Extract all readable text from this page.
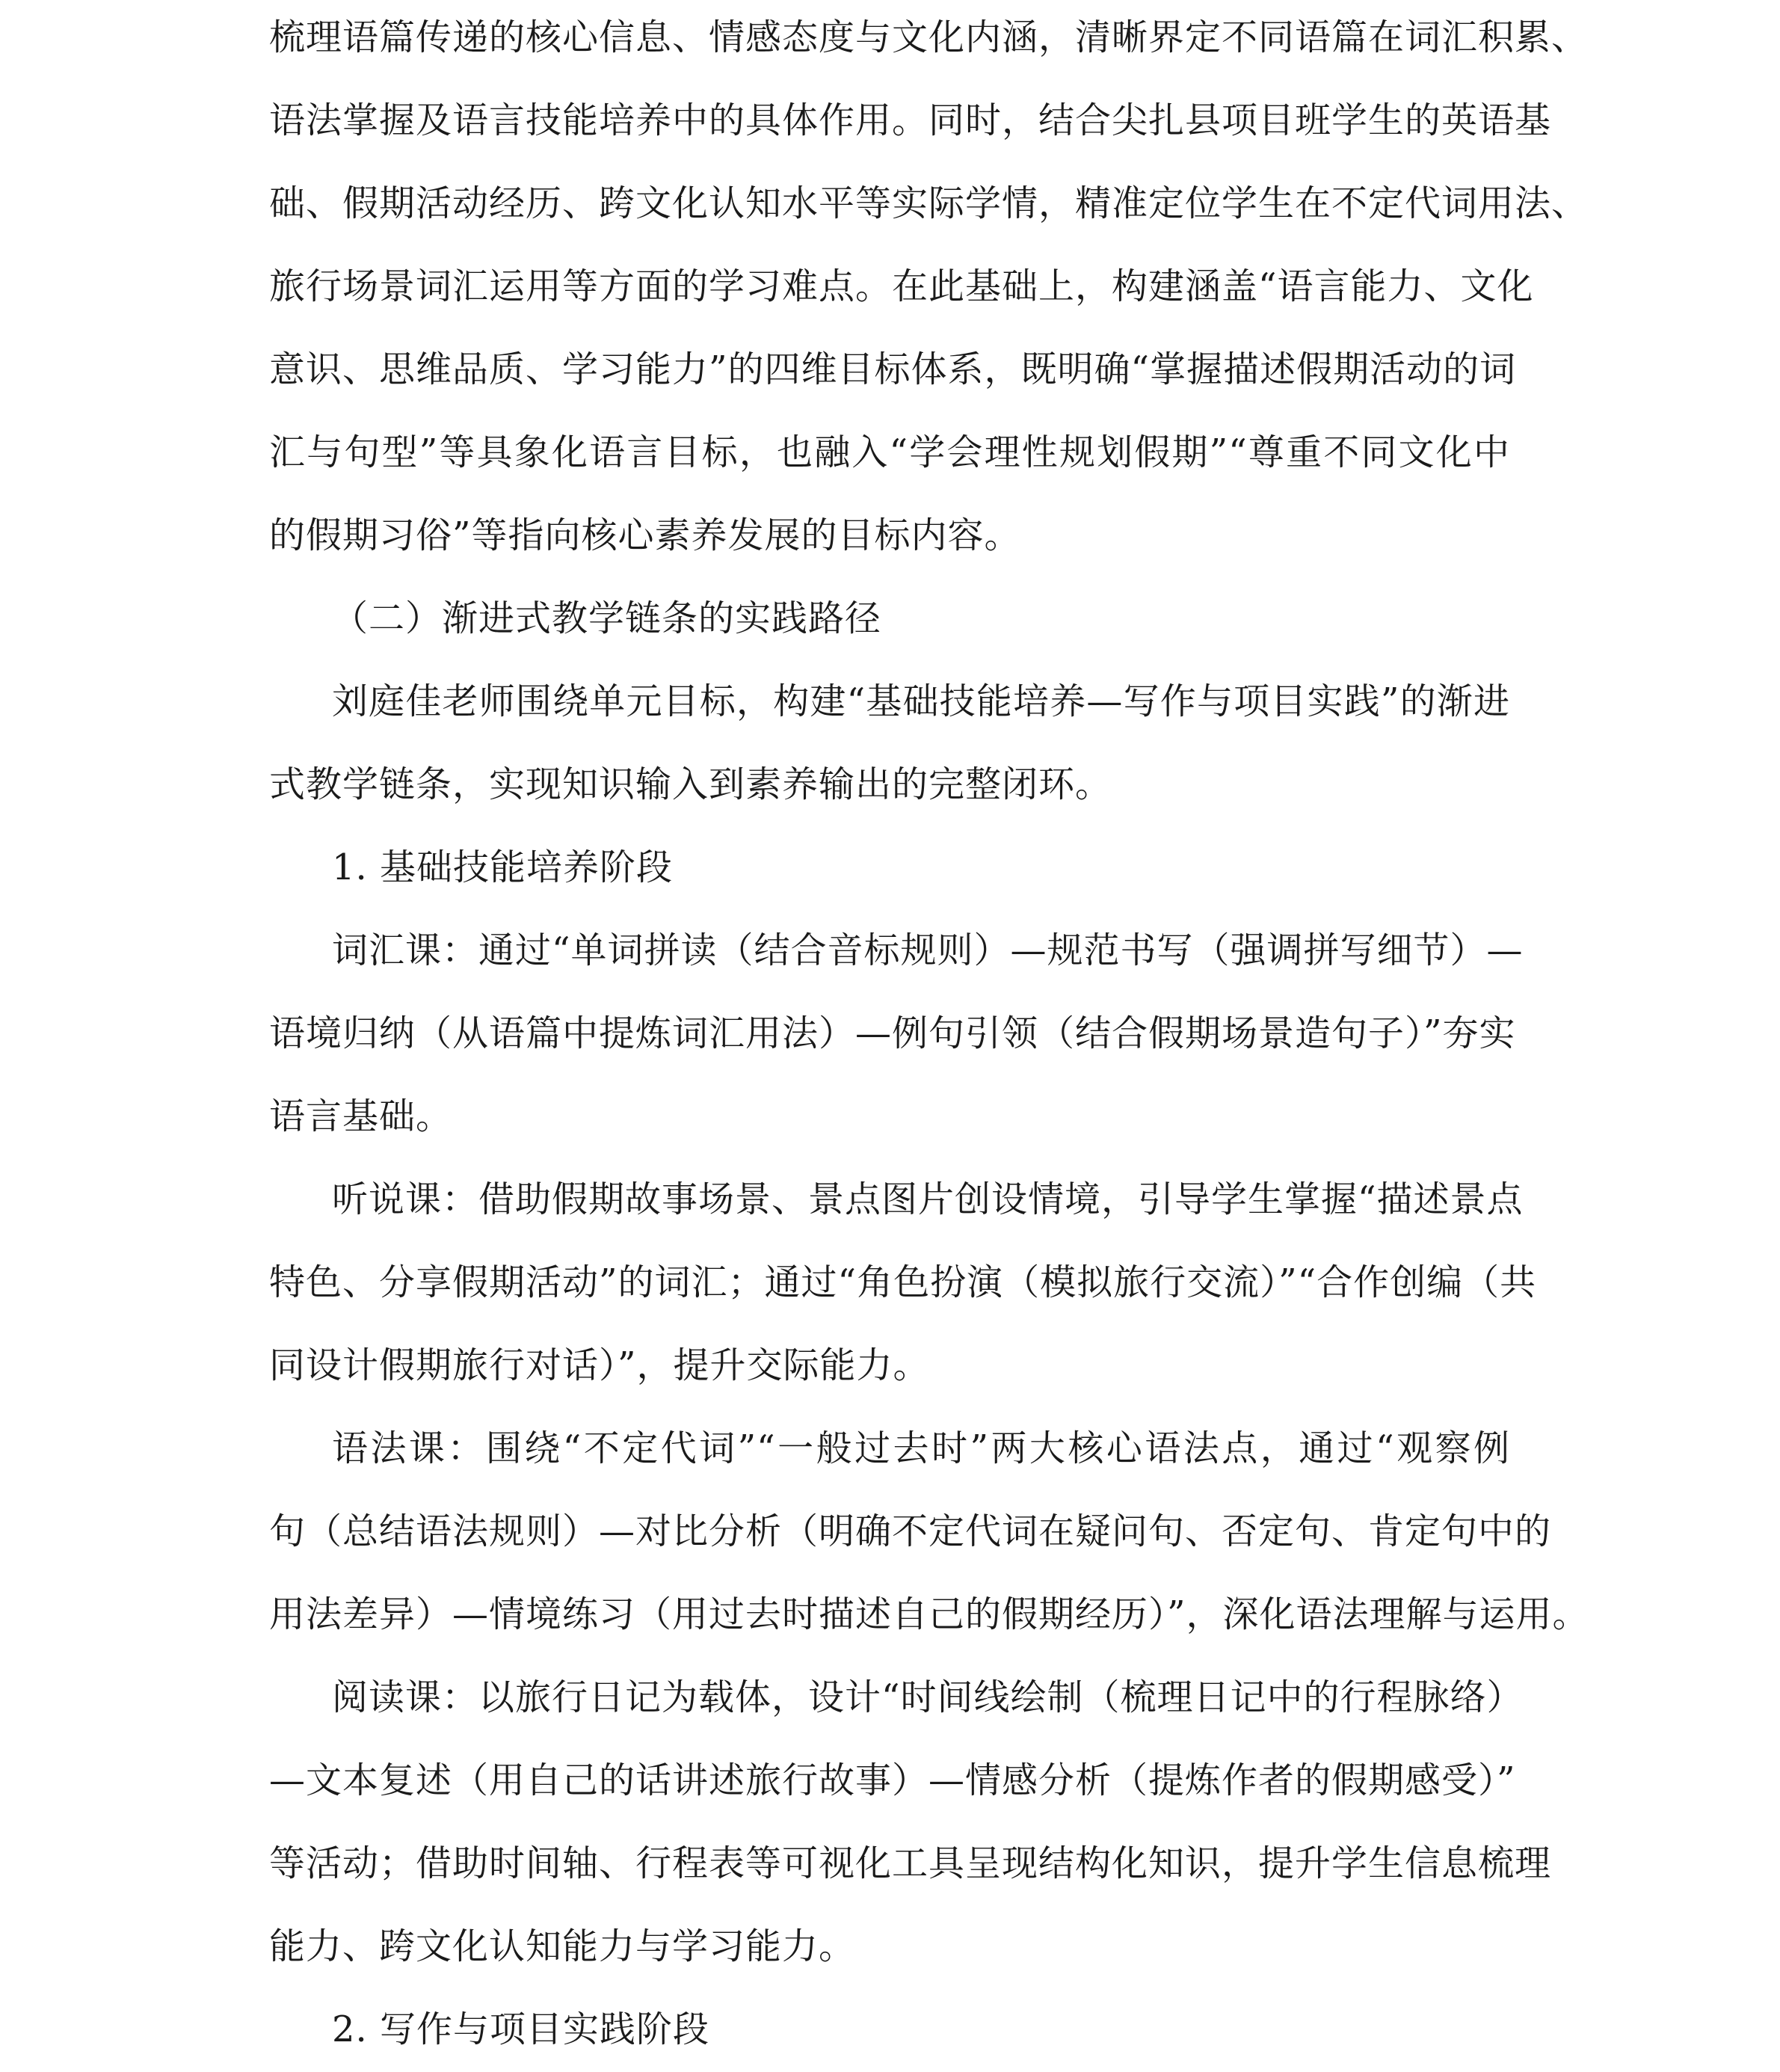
梳理语篇传递的核心信息、情感态度与文化内涵，清晰界定不同语篇在词汇积累、
语法掌握及语言技能培养中的具体作用。同时，结合尖扎县项目班学生的英语基
础、假期活动经历、跨文化认知水平等实际学情，精准定位学生在不定代词用法、
旅行场景词汇运用等方面的学习难点。在此基础上，构建涵盖“语言能力、文化
意识、思维品质、学习能力”的四维目标体系，既明确“掌握描述假期活动的词
汇与句型”等具象化语言目标，也融入“学会理性规划假期”“尊重不同文化中
的假期习俗”等指向核心素养发展的目标内容。
（二）渐进式教学链条的实践路径
刘庭佳老师围绕单元目标，构建“基础技能培养—写作与项目实践”的渐进
式教学链条，实现知识输入到素养输出的完整闭环。
1. 基础技能培养阶段
词汇课：通过“单词拼读（结合音标规则）—规范书写（强调拼写细节）—
语境归纳（从语篇中提炼词汇用法）—例句引领（结合假期场景造句子）”夯实
语言基础。
听说课：借助假期故事场景、景点图片创设情境，引导学生掌握“描述景点
特色、分享假期活动”的词汇；通过“角色扮演（模拟旅行交流）”“合作创编（共
同设计假期旅行对话）”，提升交际能力。
语法课：围绕“不定代词”“一般过去时”两大核心语法点，通过“观察例
句（总结语法规则）—对比分析（明确不定代词在疑问句、否定句、肯定句中的
用法差异）—情境练习（用过去时描述自己的假期经历）”，深化语法理解与运用。
阅读课：以旅行日记为载体，设计“时间线绘制（梳理日记中的行程脉络）
—文本复述（用自己的话讲述旅行故事）—情感分析（提炼作者的假期感受）”
等活动；借助时间轴、行程表等可视化工具呈现结构化知识，提升学生信息梳理
能力、跨文化认知能力与学习能力。
2. 写作与项目实践阶段
